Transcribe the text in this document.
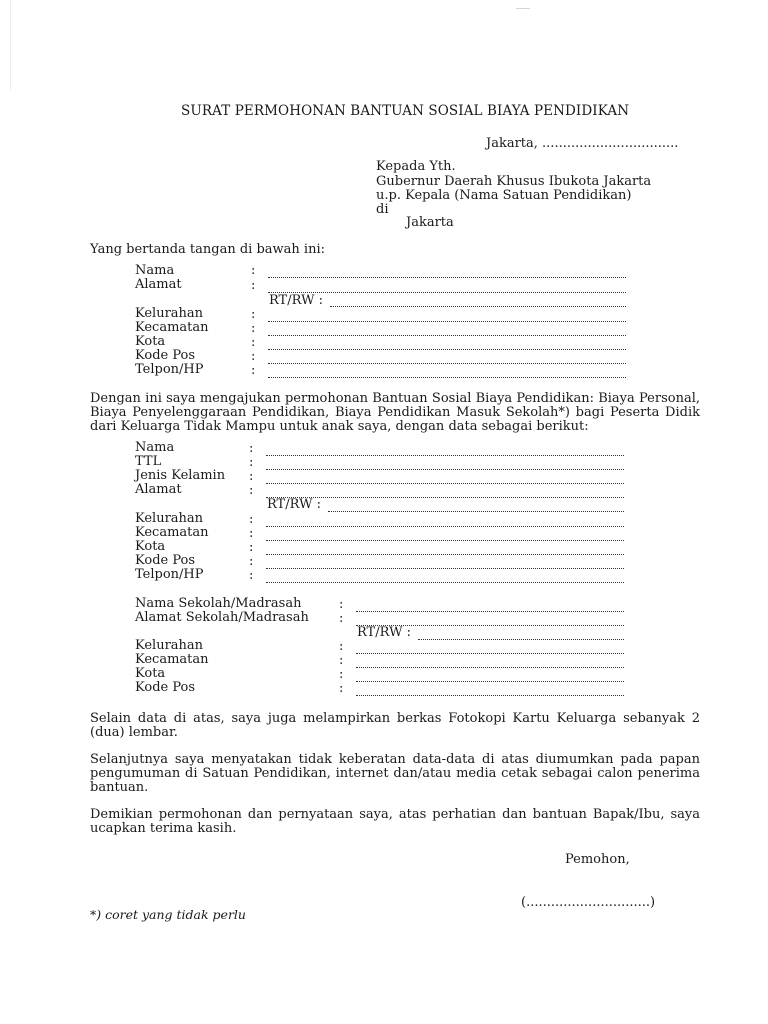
SURAT PERMOHONAN BANTUAN SOSIAL BIAYA PENDIDIKAN
Jakarta, .................................
Kepada Yth.
Gubernur Daerah Khusus Ibukota Jakarta
u.p. Kepala (Nama Satuan Pendidikan)
di
Jakarta
Yang bertanda tangan di bawah ini:
Nama	:
Alamat	:
RT/RW :
Kelurahan	:
Kecamatan	:
Kota	:
Kode Pos	:
Telpon/HP	:
Dengan ini saya mengajukan permohonan Bantuan Sosial Biaya Pendidikan: Biaya Personal, Biaya Penyelenggaraan Pendidikan, Biaya Pendidikan Masuk Sekolah*) bagi Peserta Didik dari Keluarga Tidak Mampu untuk anak saya, dengan data sebagai berikut:
Nama	:
TTL	:
Jenis Kelamin :
Alamat	:
RT/RW :
Kelurahan	:
Kecamatan	:
Kota	:
Kode Pos	:
Telpon/HP	:
Nama Sekolah/Madrasah	:
Alamat Sekolah/Madrasah :
RT/RW :
Kelurahan	:
Kecamatan	:
Kota	:
Kode Pos	:
Selain data di atas, saya juga melampirkan berkas Fotokopi Kartu Keluarga sebanyak 2 (dua) lembar.
Selanjutnya saya menyatakan tidak keberatan data-data di atas diumumkan pada papan pengumuman di Satuan Pendidikan, internet dan/atau media cetak sebagai calon penerima bantuan.
Demikian permohonan dan pernyataan saya, atas perhatian dan bantuan Bapak/Ibu, saya ucapkan terima kasih.
Pemohon,
(..............................)
*) coret yang tidak perlu
